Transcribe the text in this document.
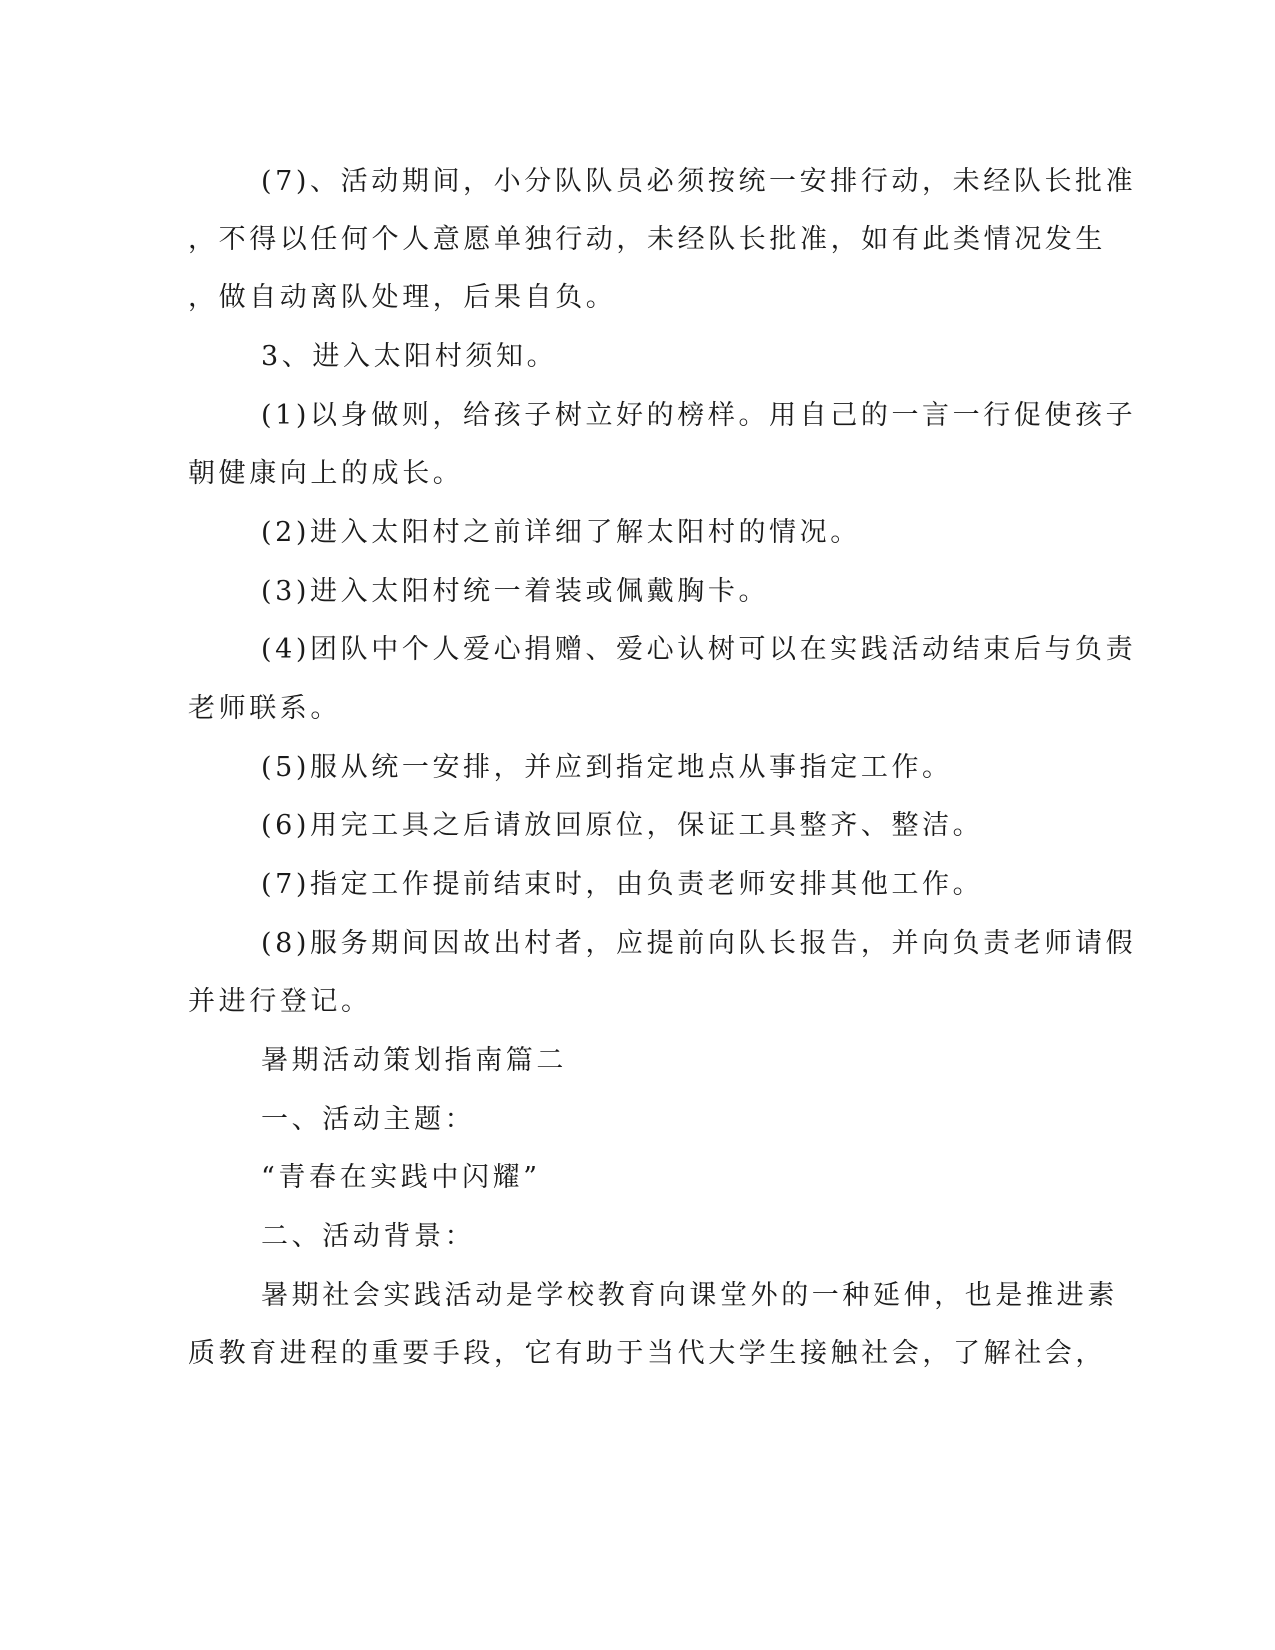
(7)、活动期间，小分队队员必须按统一安排行动，未经队长批准
，不得以任何个人意愿单独行动，未经队长批准，如有此类情况发生
，做自动离队处理，后果自负。
3、进入太阳村须知。
(1)以身做则，给孩子树立好的榜样。用自己的一言一行促使孩子
朝健康向上的成长。
(2)进入太阳村之前详细了解太阳村的情况。
(3)进入太阳村统一着装或佩戴胸卡。
(4)团队中个人爱心捐赠、爱心认树可以在实践活动结束后与负责
老师联系。
(5)服从统一安排，并应到指定地点从事指定工作。
(6)用完工具之后请放回原位，保证工具整齐、整洁。
(7)指定工作提前结束时，由负责老师安排其他工作。
(8)服务期间因故出村者，应提前向队长报告，并向负责老师请假
并进行登记。
暑期活动策划指南篇二
一、活动主题：
“青春在实践中闪耀”
二、活动背景：
暑期社会实践活动是学校教育向课堂外的一种延伸，也是推进素
质教育进程的重要手段，它有助于当代大学生接触社会，了解社会，
